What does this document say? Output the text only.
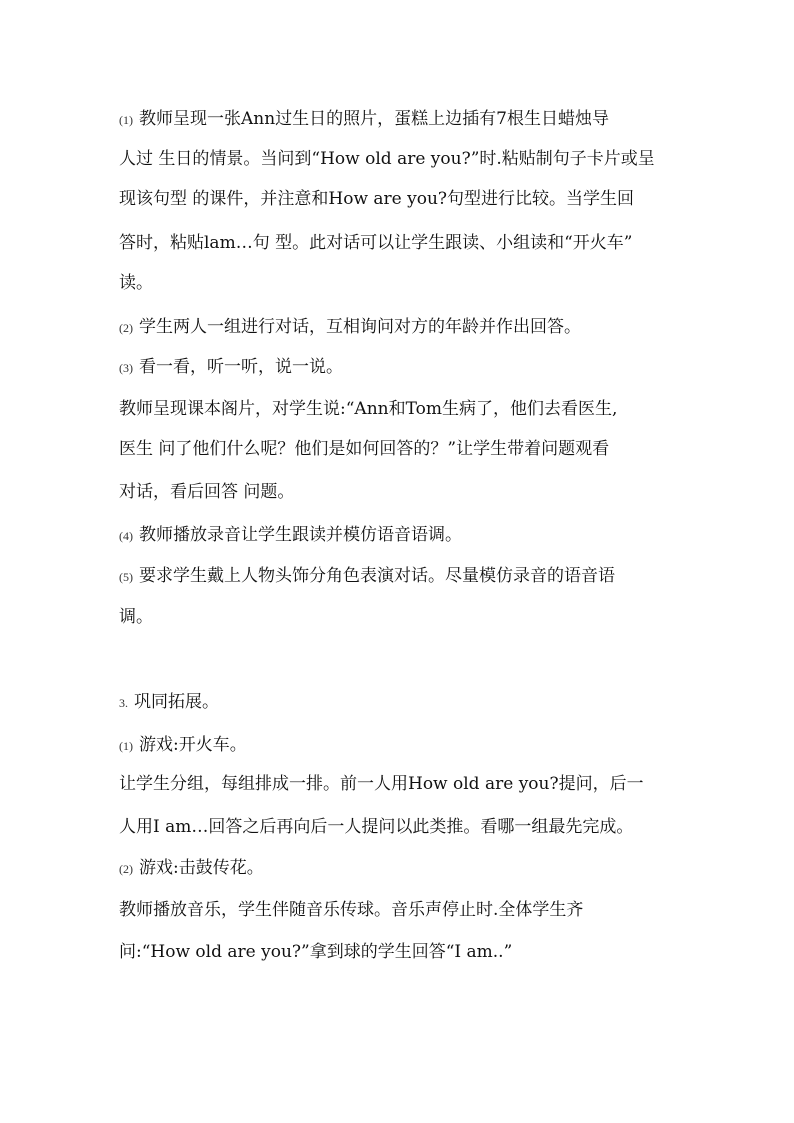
(1) 教师呈现一张Ann过生日的照片，蛋糕上边插有7根生日蜡烛导
人过 生日的情景。当问到“How old are you?”时.粘贴制句子卡片或呈
现该句型 的课件，并注意和How are you?句型进行比较。当学生回
答时，粘贴lam…句 型。此对话可以让学生跟读、小组读和“开火车”
读。
(2) 学生两人一组进行对话，互相询问对方的年龄并作出回答。
(3) 看一看，听一听，说一说。
教师呈现课本阁片，对学生说:“Ann和Tom生病了，他们去看医生,
医生 问了他们什么呢？他们是如何回答的？”让学生带着问题观看
对话，看后回答 问题。
(4) 教师播放录音让学生跟读并模仿语音语调。
(5) 要求学生戴上人物头饰分角色表演对话。尽量模仿录音的语音语
调。
3. 巩同拓展。
(1) 游戏:开火车。
让学生分组，每组排成一排。前一人用How old are you?提问，后一
人用I am…回答之后再向后一人提问以此类推。看哪一组最先完成。
(2) 游戏:击鼓传花。
教师播放音乐，学生伴随音乐传球。音乐声停止时.全体学生齐
问:“How old are you?”拿到球的学生回答“I am..”
